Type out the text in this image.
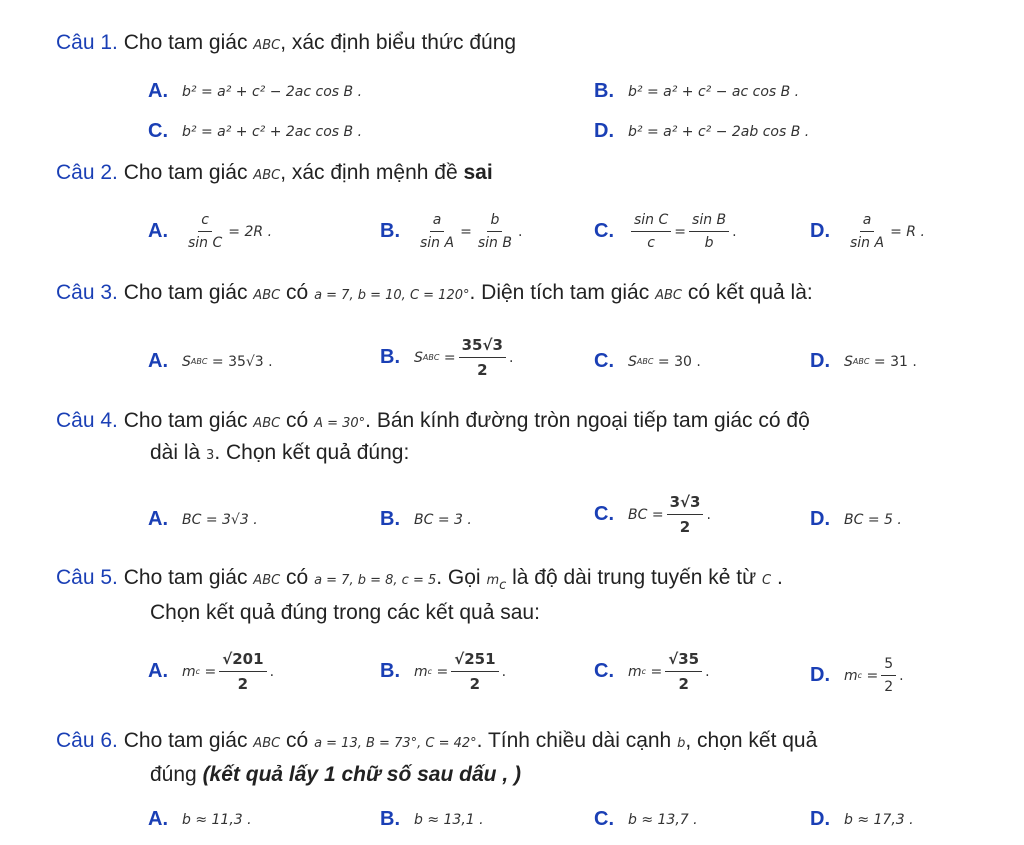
Câu 1. Cho tam giác ABC, xác định biểu thức đúng
A. b² = a² + c² − 2ac cos B .	B. b² = a² + c² − ac cos B .
C. b² = a² + c² + 2ac cos B .	D. b² = a² + c² − 2ab cos B .
Câu 2. Cho tam giác ABC, xác định mệnh đề sai
A. $\frac{c}{\text{sin C}} = 2R$ .	B. $\frac{a}{\text{sin A}} = \frac{b}{\text{sin B}}$ .	C. $\frac{\text{sin C}}{c} = \frac{\text{sin B}}{b}$ .	D. $\frac{a}{\text{sin A}} = R$ .
Câu 3. Cho tam giác ABC có a = 7, b = 10, C = 120°. Diện tích tam giác ABC có kết quả là:
A. S ABC
= 35√3 .	B. S ABC = $\frac{35√3}{2}$ .	C. S ABC
= 30 .	D. S ABC
= 31 .
Câu 4. Cho tam giác ABC có A = 30°. Bán kính đường tròn ngoại tiếp tam giác có độ
dài là 3. Chọn kết quả đúng:
A. BC = 3√3 .	B. BC = 3 .	C. BC = $\frac{3√3}{2}$ .	D. BC = 5 .
Câu 5. Cho tam giác ABC có a = 7, b = 8, c = 5. Gọi $m_c$ là độ dài trung tuyến kẻ từ C .
Chọn kết quả đúng trong các kết quả sau:
A. m $c = \frac{√201}{2}$ .	B. m $c = \frac{√251}{2}$ .	C. m $c = \frac{√35}{2}$ .	D. m $c = \frac{5}{2}$ .
Câu 6. Cho tam giác ABC có a = 13, B = 73°, C = 42°. Tính chiều dài cạnh b, chọn kết quả
đúng (kết quả lấy 1 chữ số sau dấu , )
A. b ≈ 11,3 .	B. b ≈ 13,1 .	C. b ≈ 13,7 .	D. b ≈ 17,3 .
